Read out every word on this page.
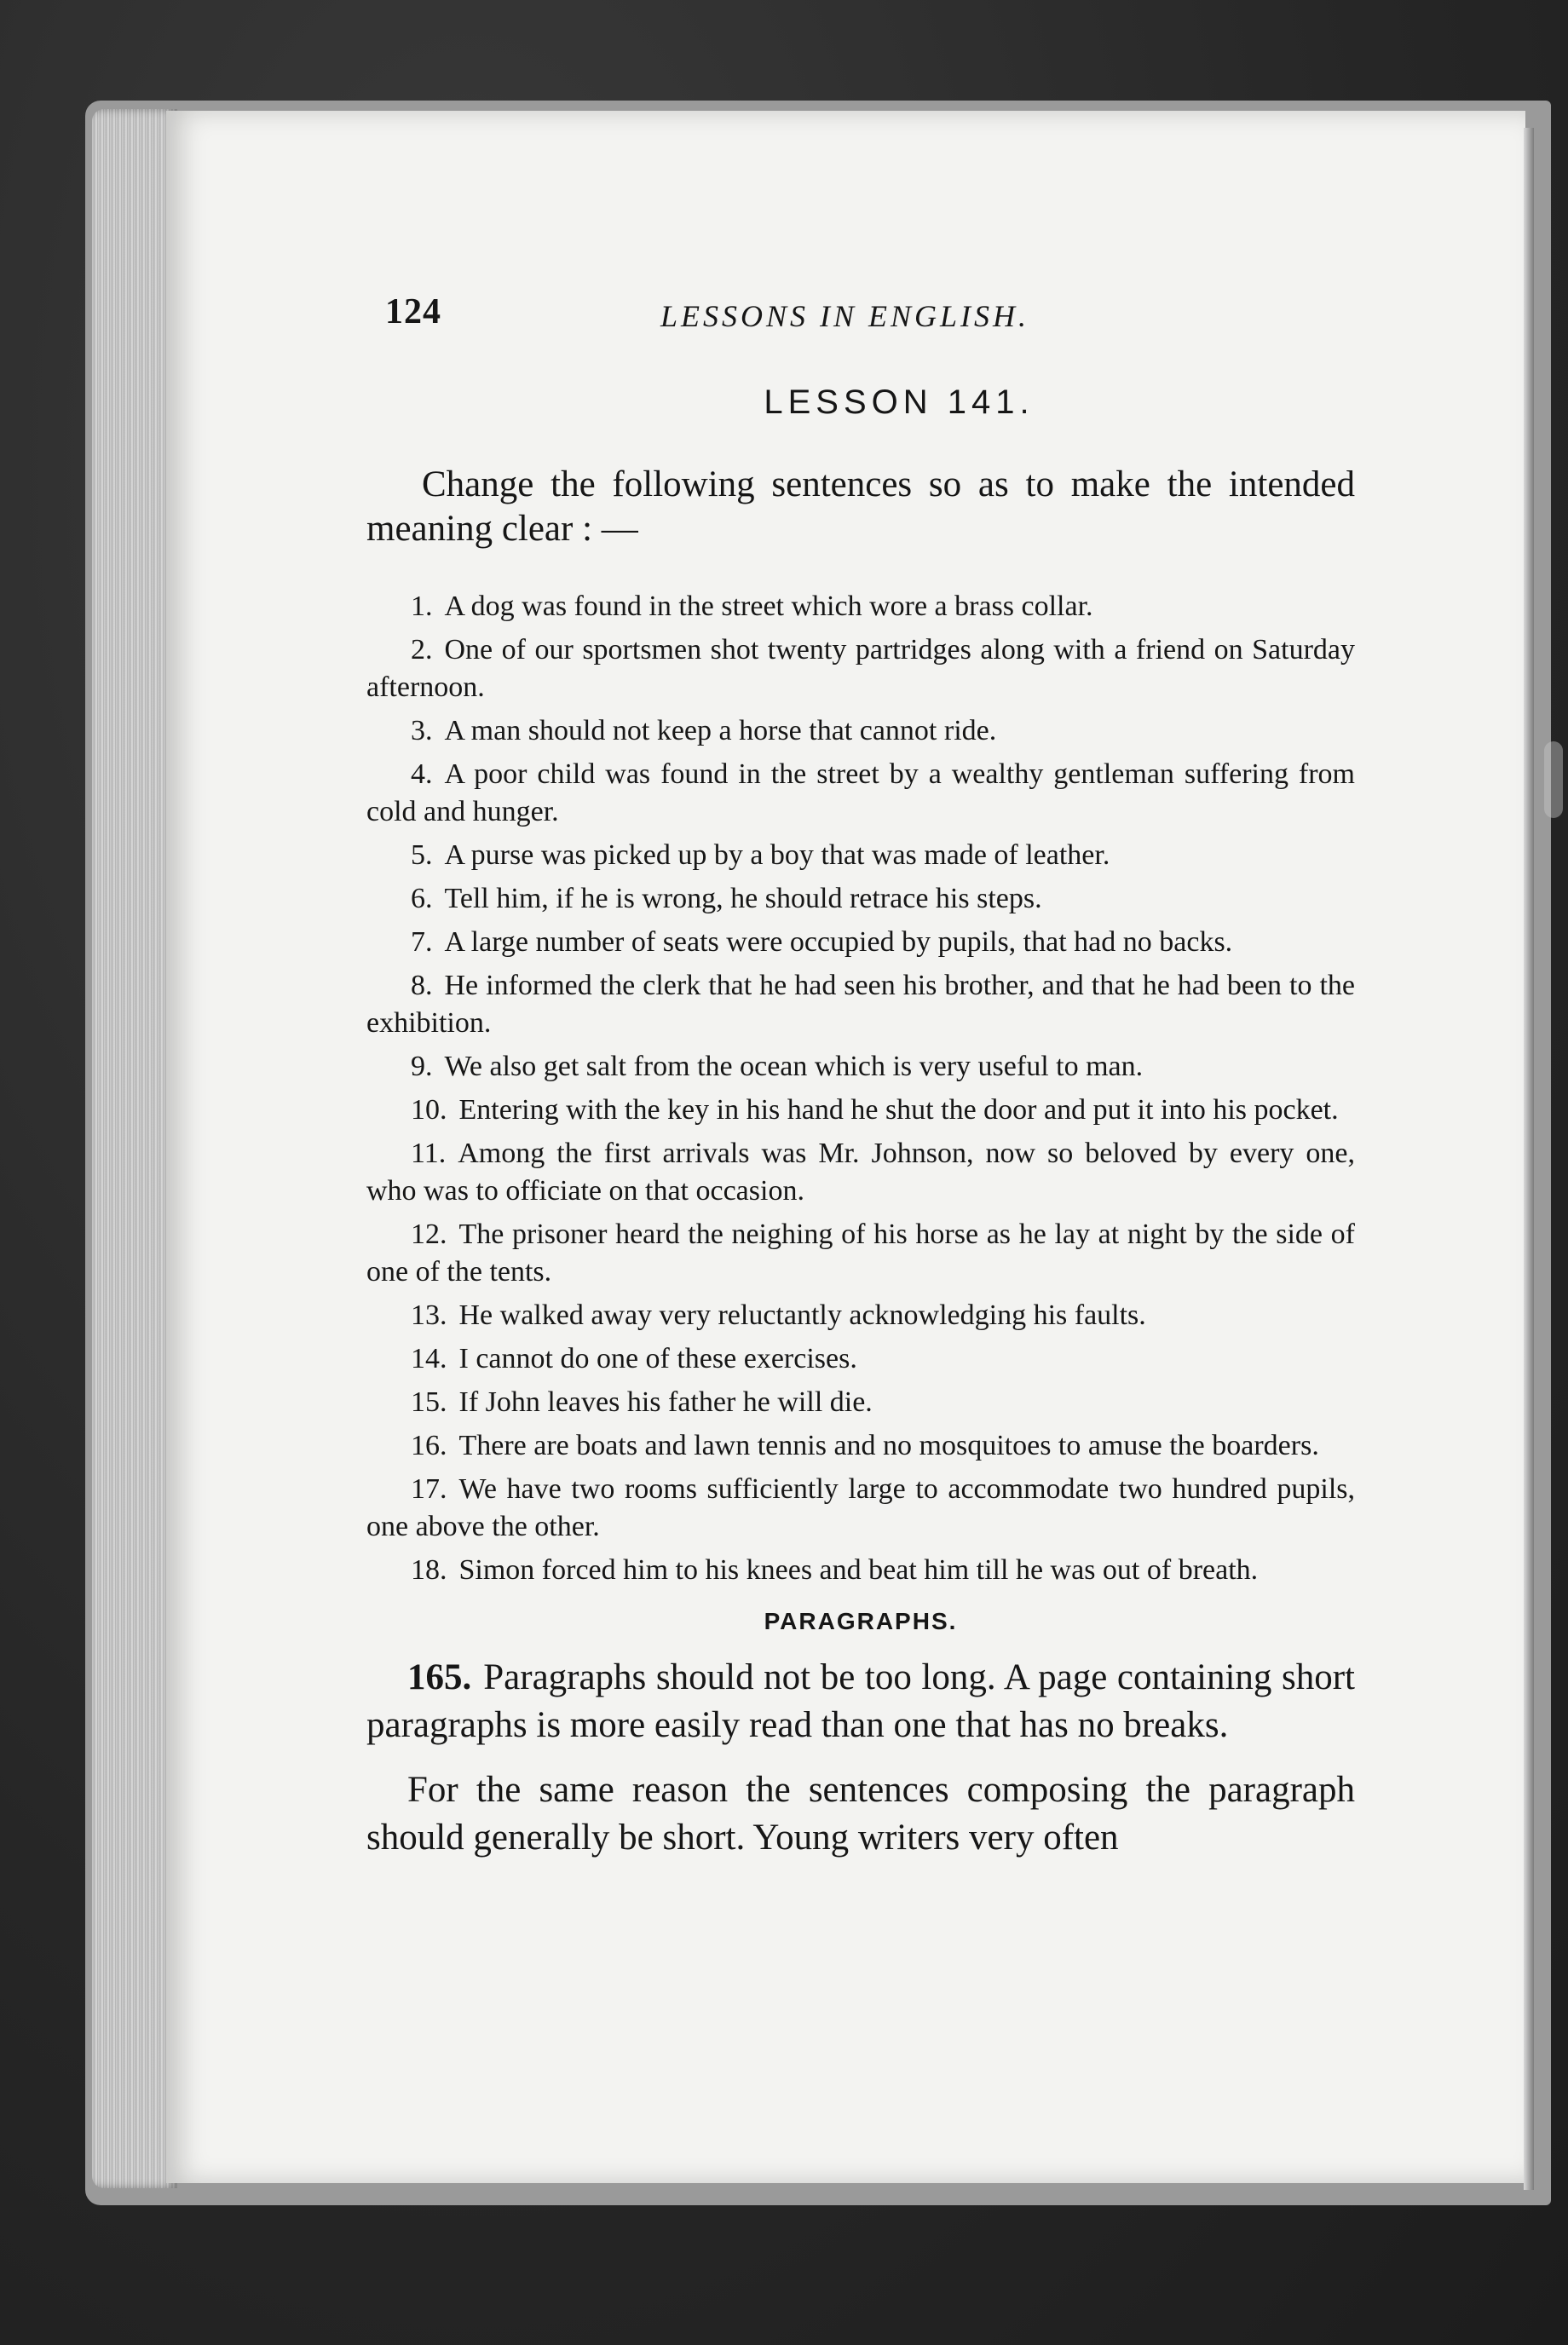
124	LESSONS IN ENGLISH.
LESSON 141.

Change the following sentences so as to make the intended meaning clear : —

1. A dog was found in the street which wore a brass collar.
2. One of our sportsmen shot twenty partridges along with a friend on Saturday afternoon.
3. A man should not keep a horse that cannot ride.
4. A poor child was found in the street by a wealthy gentleman suffering from cold and hunger.
5. A purse was picked up by a boy that was made of leather.
6. Tell him, if he is wrong, he should retrace his steps.
7. A large number of seats were occupied by pupils, that had no backs.
8. He informed the clerk that he had seen his brother, and that he had been to the exhibition.
9. We also get salt from the ocean which is very useful to man.
10. Entering with the key in his hand he shut the door and put it into his pocket.
11. Among the first arrivals was Mr. Johnson, now so beloved by every one, who was to officiate on that occasion.
12. The prisoner heard the neighing of his horse as he lay at night by the side of one of the tents.
13. He walked away very reluctantly acknowledging his faults.
14. I cannot do one of these exercises.
15. If John leaves his father he will die.
16. There are boats and lawn tennis and no mosquitoes to amuse the boarders.
17. We have two rooms sufficiently large to accommodate two hundred pupils, one above the other.
18. Simon forced him to his knees and beat him till he was out of breath.
PARAGRAPHS.

165. Paragraphs should not be too long. A page containing short paragraphs is more easily read than one that has no breaks.

For the same reason the sentences composing the paragraph should generally be short. Young writers very often
